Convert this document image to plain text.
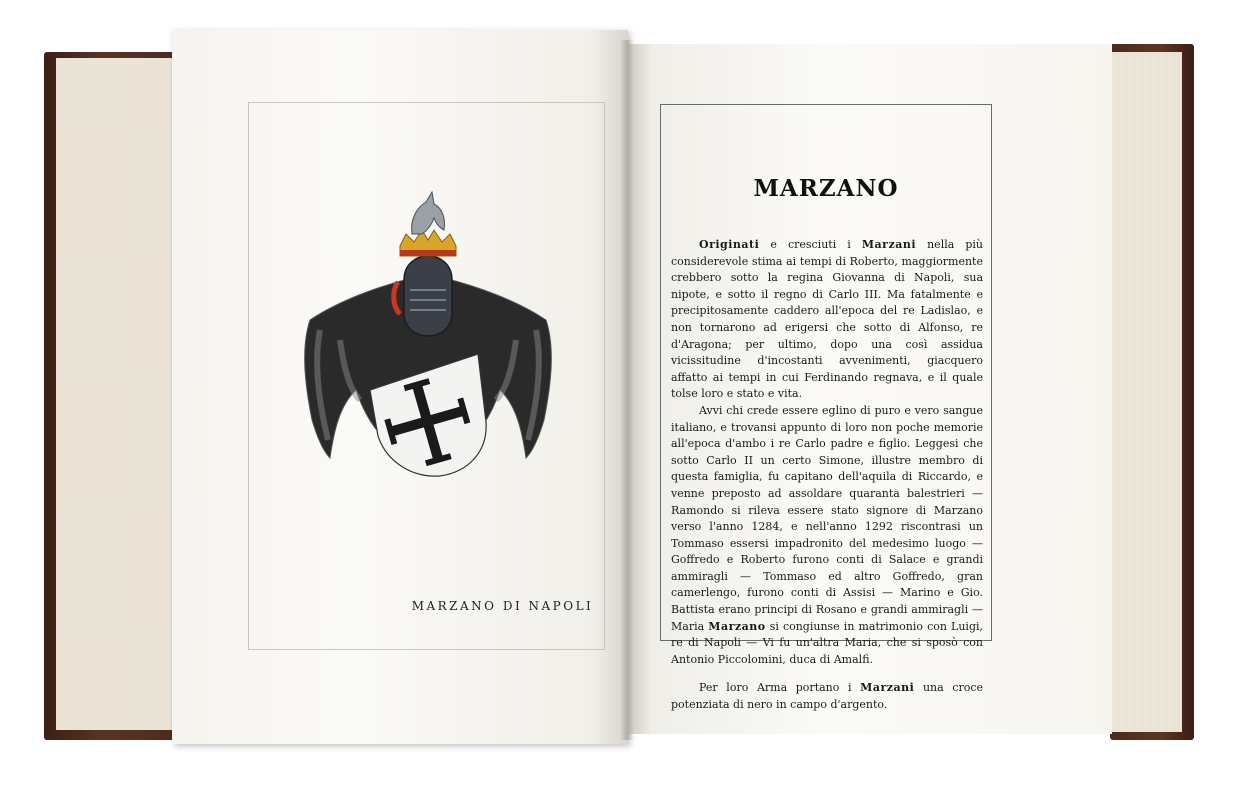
MARZANO DI NAPOLI
MARZANO

Originati e cresciuti i Marzani nella più considerevole stima ai tempi di Roberto, maggiormente crebbero sotto la regina Giovanna di Napoli, sua nipote, e sotto il regno di Carlo III. Ma fatalmente e precipitosamente caddero all'epoca del re Ladislao, e non tornarono ad erigersi che sotto di Alfonso, re d'Aragona; per ultimo, dopo una così assidua vicissitudine d'incostanti avvenimenti, giacquero affatto ai tempi in cui Ferdinando regnava, e il quale tolse loro e stato e vita.

Avvi chi crede essere eglino di puro e vero sangue italiano, e trovansi appunto di loro non poche memorie all'epoca d'ambo i re Carlo padre e figlio. Leggesi che sotto Carlo II un certo Simone, illustre membro di questa famiglia, fu capitano dell'aquila di Riccardo, e venne preposto ad assoldare quaranta balestrieri — Ramondo si rileva essere stato signore di Marzano verso l'anno 1284, e nell'anno 1292 riscontrasi un Tommaso essersi impadronito del medesimo luogo — Goffredo e Roberto furono conti di Salace e grandi ammiragli — Tommaso ed altro Goffredo, gran camerlengo, furono conti di Assisi — Marino e Gio. Battista erano principi di Rosano e grandi ammiragli — Maria Marzano si congiunse in matrimonio con Luigi, re di Napoli — Vi fu un'altra Maria, che si sposò con Antonio Piccolomini, duca di Amalfi.

Per loro Arma portano i Marzani una croce potenziata di nero in campo d'argento.
